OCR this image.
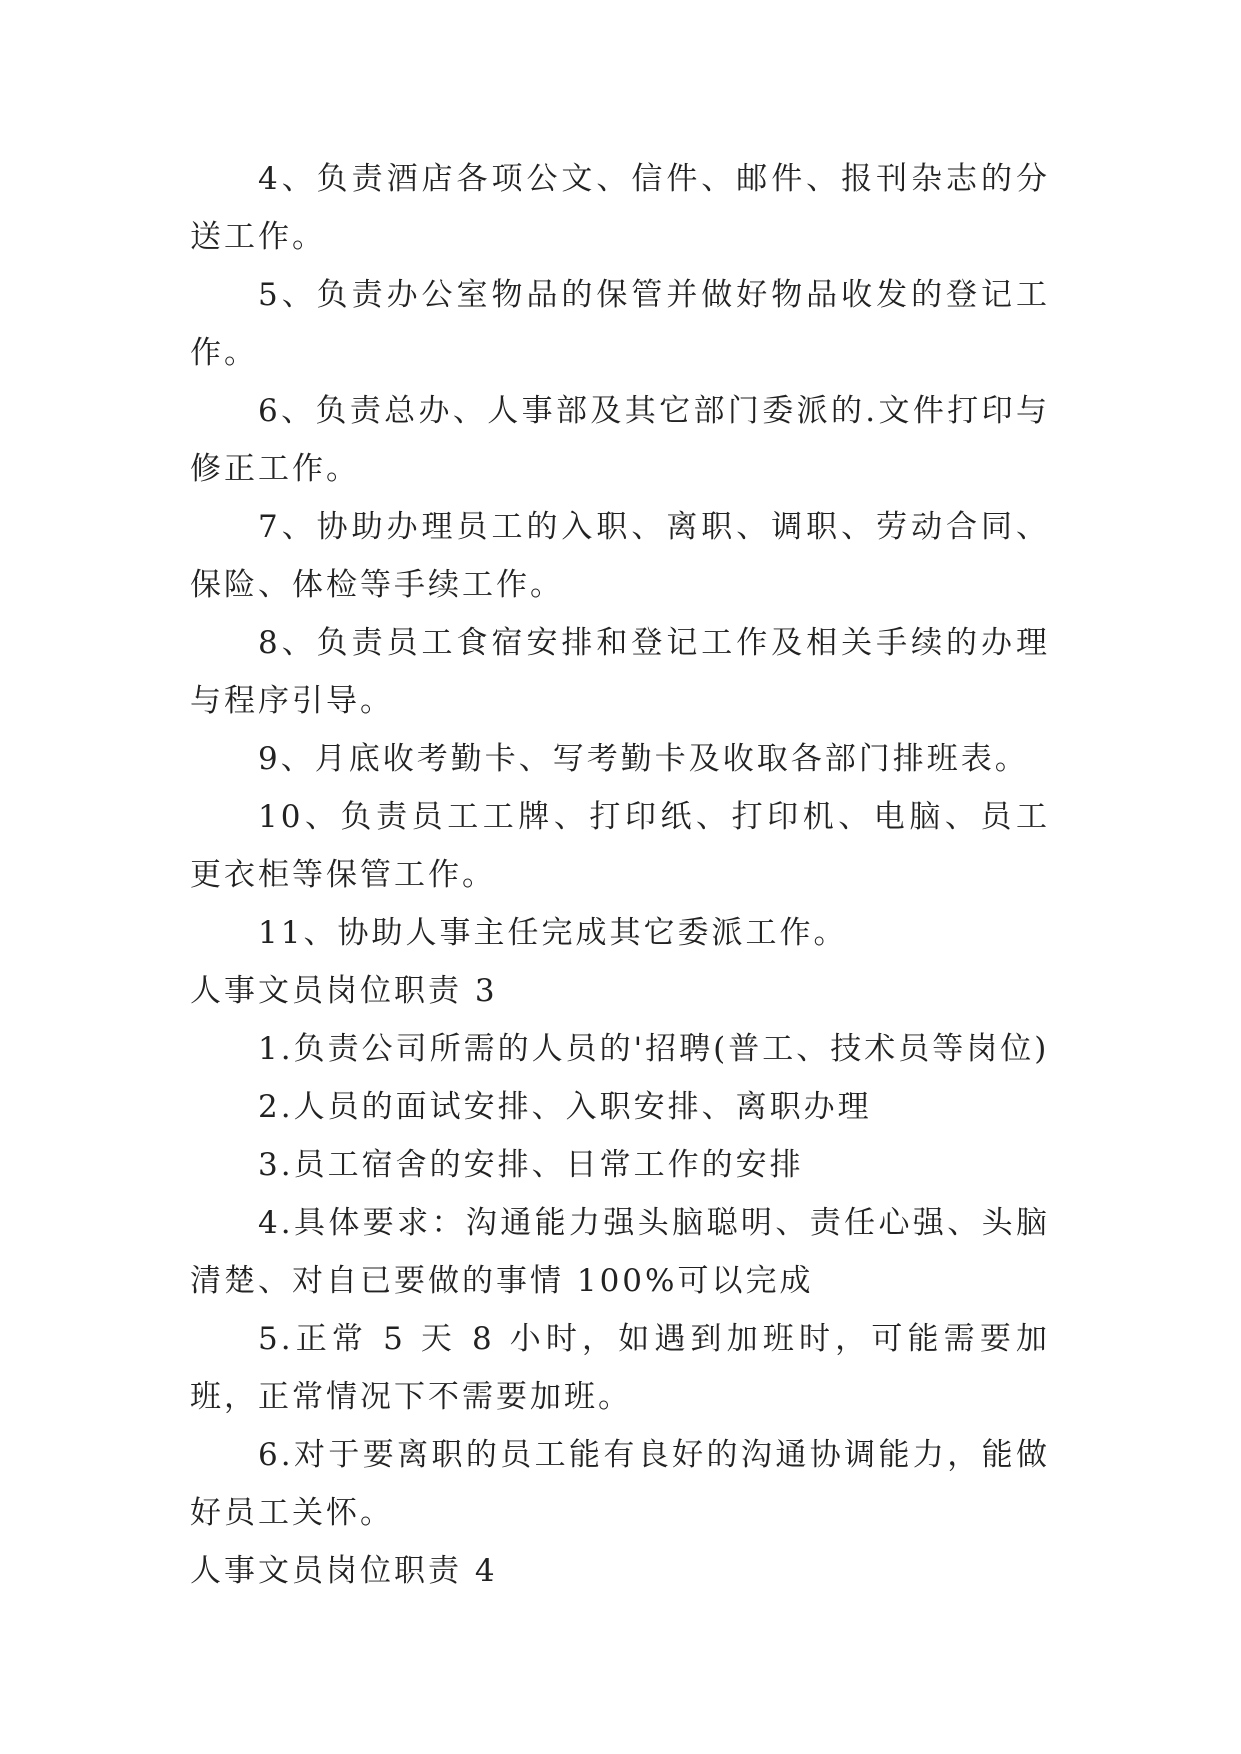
4、负责酒店各项公文、信件、邮件、报刊杂志的分送工作。

5、负责办公室物品的保管并做好物品收发的登记工作。

6、负责总办、人事部及其它部门委派的.文件打印与修正工作。

7、协助办理员工的入职、离职、调职、劳动合同、保险、体检等手续工作。

8、负责员工食宿安排和登记工作及相关手续的办理与程序引导。

9、月底收考勤卡、写考勤卡及收取各部门排班表。

10、负责员工工牌、打印纸、打印机、电脑、员工更衣柜等保管工作。

11、协助人事主任完成其它委派工作。

人事文员岗位职责 3

1.负责公司所需的人员的'招聘(普工、技术员等岗位)

2.人员的面试安排、入职安排、离职办理

3.员工宿舍的安排、日常工作的安排

4.具体要求：沟通能力强头脑聪明、责任心强、头脑清楚、对自已要做的事情 100%可以完成

5.正常 5 天 8 小时，如遇到加班时，可能需要加班，正常情况下不需要加班。

6.对于要离职的员工能有良好的沟通协调能力，能做好员工关怀。

人事文员岗位职责 4
